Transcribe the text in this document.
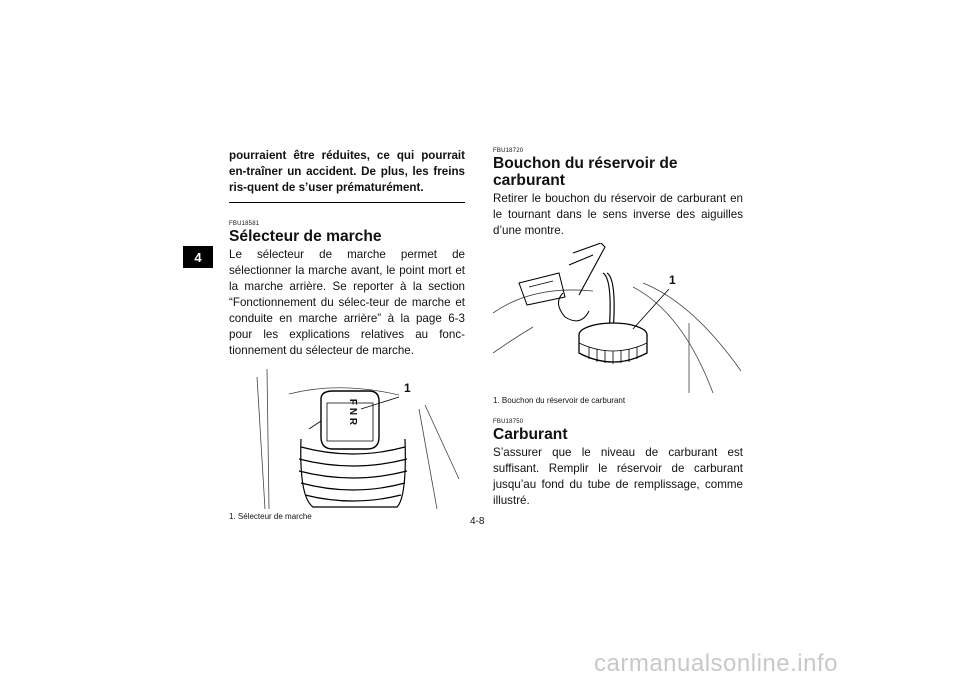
4
pourraient être réduites, ce qui pourrait en-traîner un accident. De plus, les freins ris-quent de s’user prématurément.
FBU18581
Sélecteur de marche
Le sélecteur de marche permet de sélectionner la marche avant, le point mort et la marche arrière. Se reporter à la section “Fonctionnement du sélec-teur de marche et conduite en marche arrière” à la page 6-3 pour les explications relatives au fonc-tionnement du sélecteur de marche.
F N R
1
1. Sélecteur de marche
FBU18720
Bouchon du réservoir de carburant
Retirer le bouchon du réservoir de carburant en le tournant dans le sens inverse des aiguilles d’une montre.
1
1. Bouchon du réservoir de carburant
FBU18750
Carburant
S’assurer que le niveau de carburant est suffisant. Remplir le réservoir de carburant jusqu’au fond du tube de remplissage, comme illustré.
4-8
carmanualsonline.info
